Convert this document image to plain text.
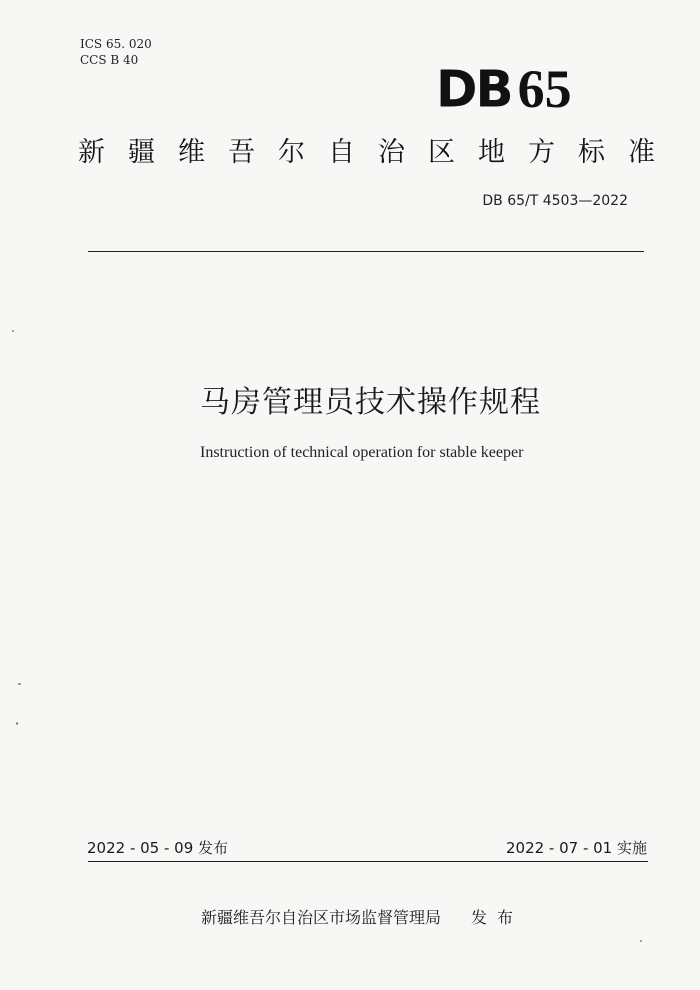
ICS 65. 020
CCS B 40	DB 65
新疆维吾尔自治区地方标准
DB 65/T 4503—2022
马房管理员技术操作规程
Instruction of technical operation for stable keeper
2022 - 05 - 09 发布	2022 - 07 - 01 实施
新疆维吾尔自治区市场监督管理局 发布
